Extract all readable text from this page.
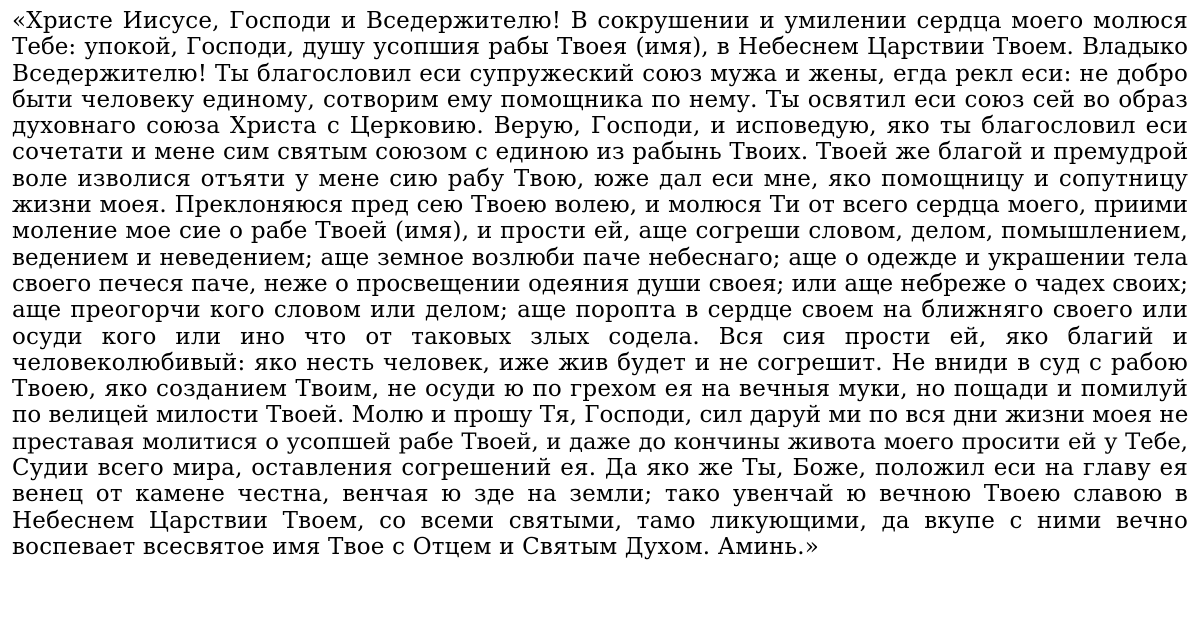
«Христе Иисусе, Господи и Вседержителю! В сокрушении и умилении сердца моего молюся
Тебе: упокой, Господи, душу усопшия рабы Твоея (имя), в Небеснем Царствии Твоем. Владыко
Вседержителю! Ты благословил еси супружеский союз мужа и жены, егда рекл еси: не добро
быти человеку единому, сотворим ему помощника по нему. Ты освятил еси союз сей во образ
духовнаго союза Христа с Церковию. Верую, Господи, и исповедую, яко ты благословил еси
сочетати и мене сим святым союзом с единою из рабынь Твоих. Твоей же благой и премудрой
воле изволися отъяти у мене сию рабу Твою, юже дал еси мне, яко помощницу и сопутницу
жизни моея. Преклоняюся пред сею Твоею волею, и молюся Ти от всего сердца моего, приими
моление мое сие о рабе Твоей (имя), и прости ей, аще согреши словом, делом, помышлением,
ведением и неведением; аще земное возлюби паче небеснаго; аще о одежде и украшении тела
своего печеся паче, неже о просвещении одеяния души своея; или аще небреже о чадех своих;
аще преогорчи кого словом или делом; аще поропта в сердце своем на ближняго своего или
осуди кого или ино что от таковых злых содела. Вся сия прости ей, яко благий и
человеколюбивый: яко несть человек, иже жив будет и не согрешит. Не вниди в суд с рабою
Твоею, яко созданием Твоим, не осуди ю по грехом ея на вечныя муки, но пощади и помилуй
по велицей милости Твоей. Молю и прошу Тя, Господи, сил даруй ми по вся дни жизни моея не
преставая молитися о усопшей рабе Твоей, и даже до кончины живота моего просити ей у Тебе,
Судии всего мира, оставления согрешений ея. Да яко же Ты, Боже, положил еси на главу ея
венец от камене честна, венчая ю зде на земли; тако увенчай ю вечною Твоею славою в
Небеснем Царствии Твоем, со всеми святыми, тамо ликующими, да вкупе с ними вечно
воспевает всесвятое имя Твое с Отцем и Святым Духом. Аминь.»
